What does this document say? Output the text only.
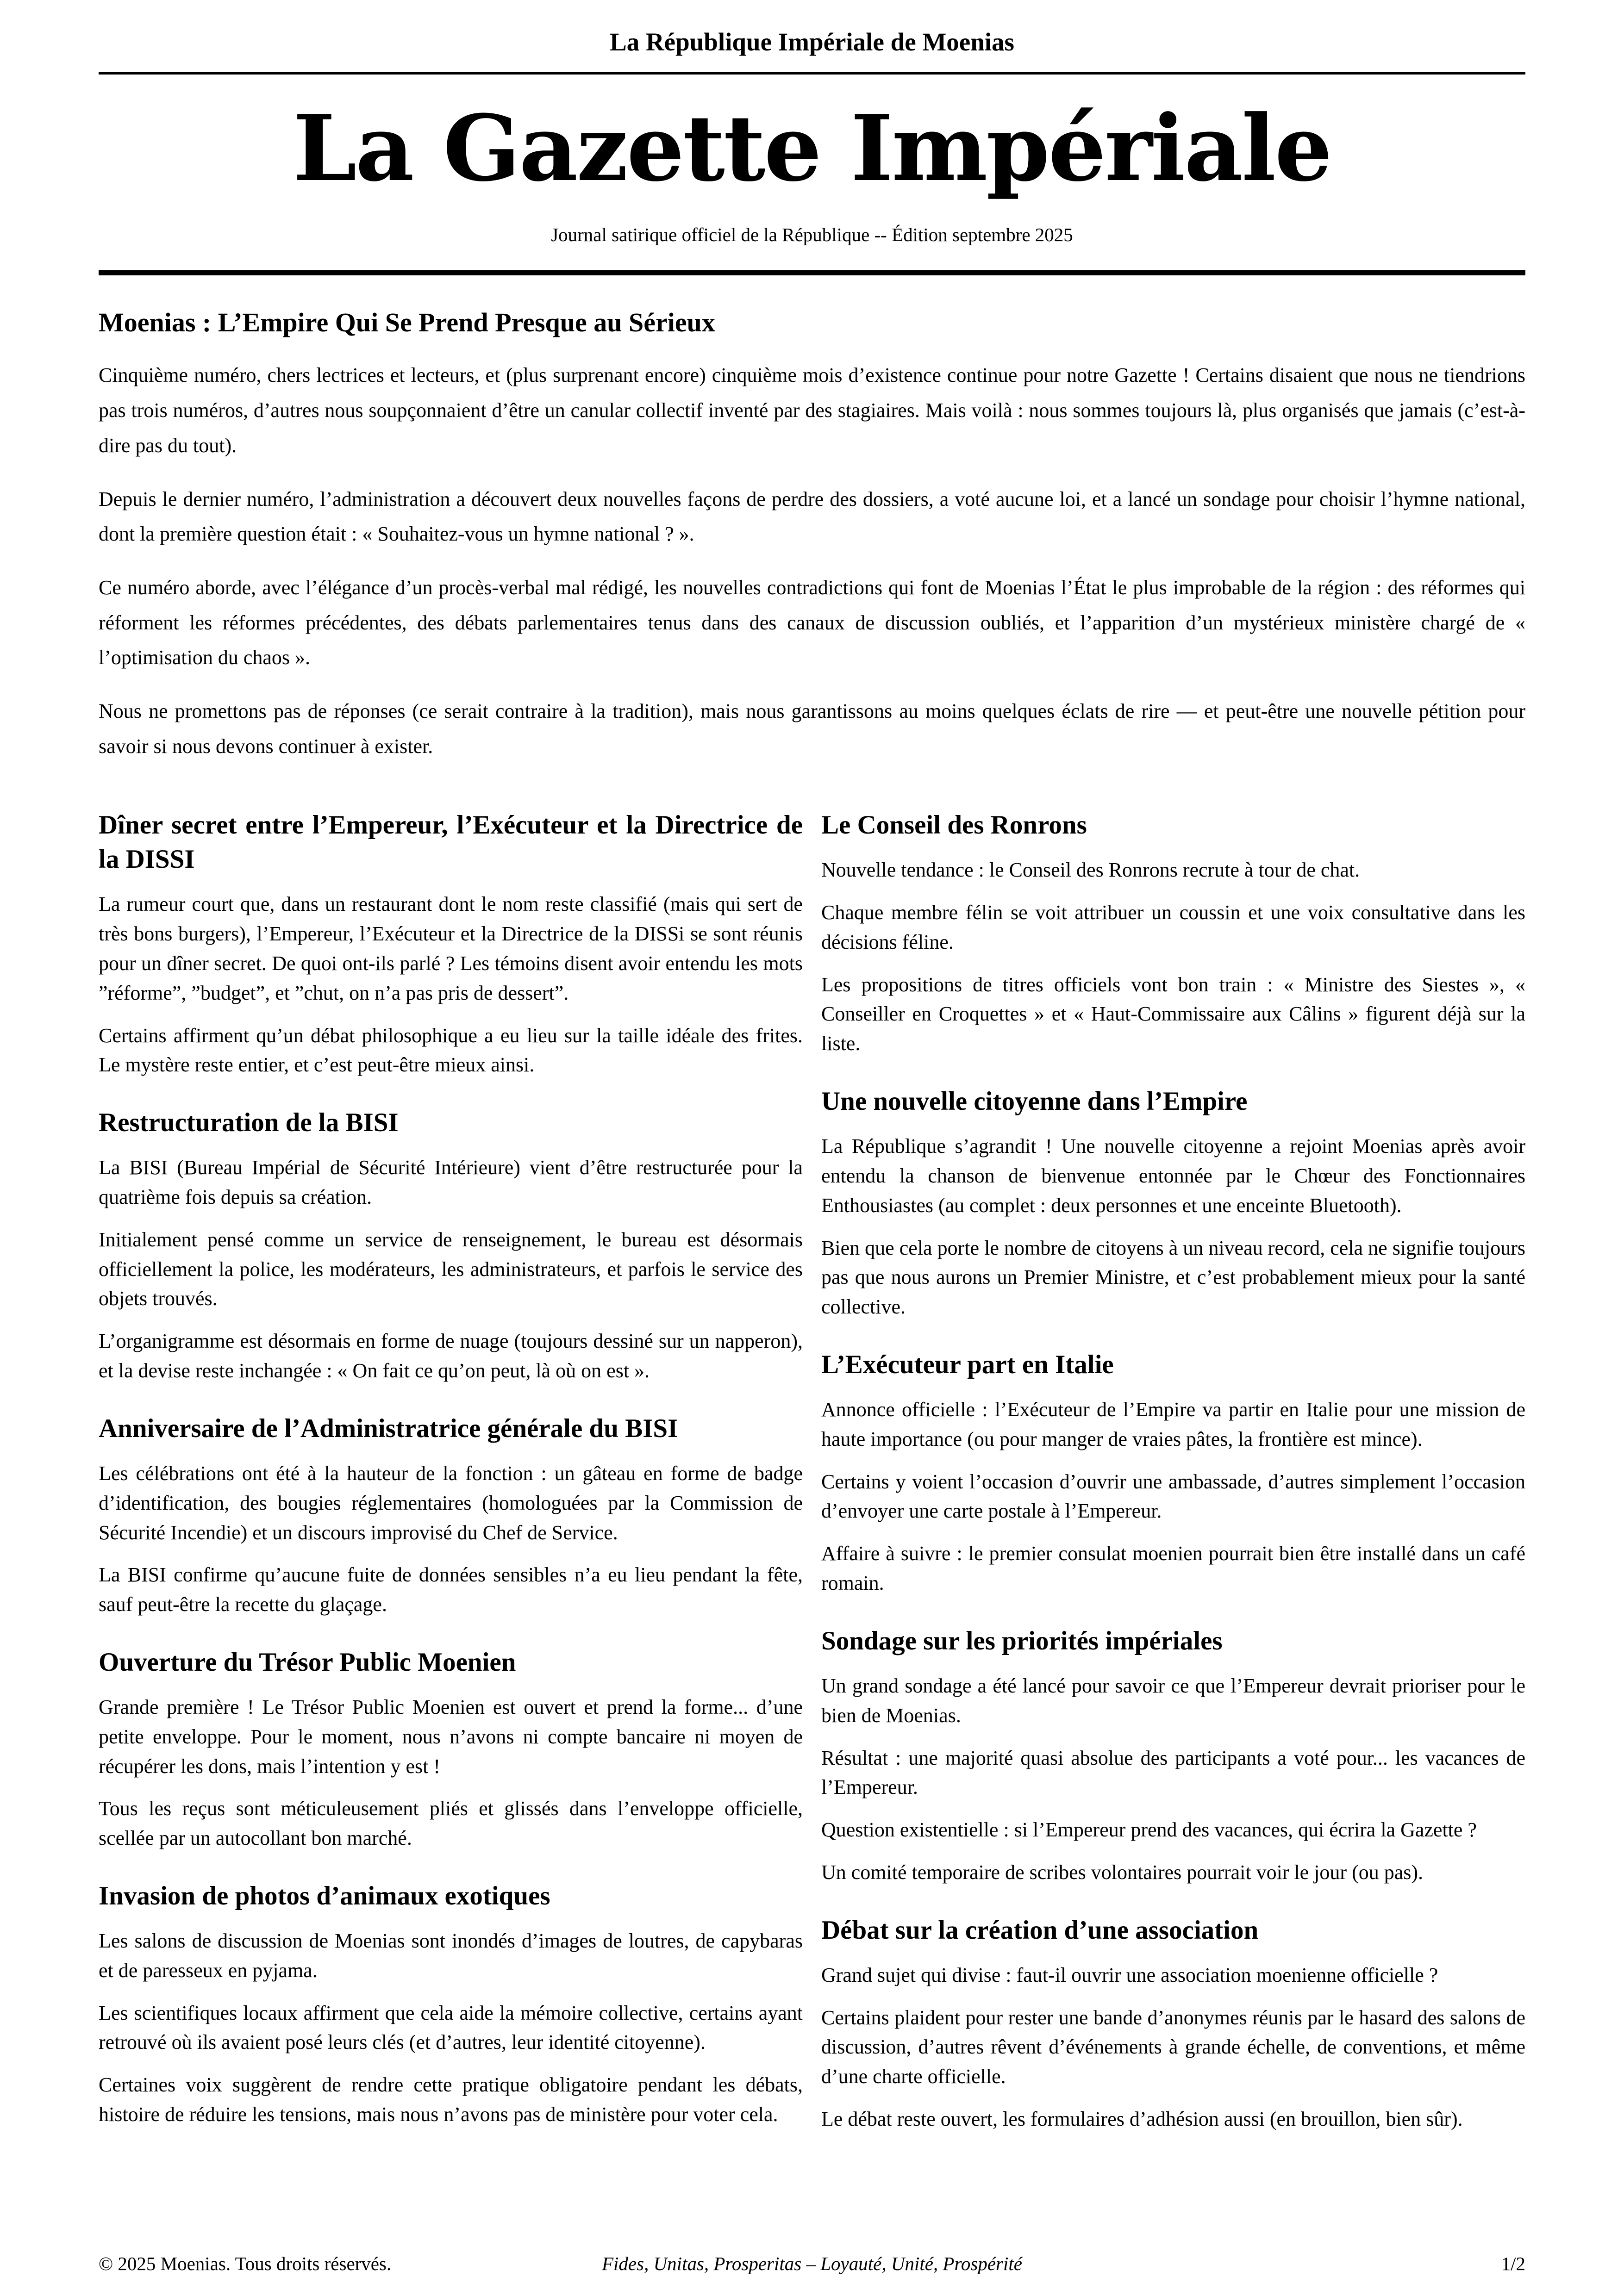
La République Impériale de Moenias
La Gazette Impériale
Journal satirique officiel de la République -- Édition septembre 2025
Moenias : L’Empire Qui Se Prend Presque au Sérieux

Cinquième numéro, chers lectrices et lecteurs, et (plus surprenant encore) cinquième mois d’existence continue pour notre Gazette ! Certains disaient que nous ne tiendrions pas trois numéros, d’autres nous soupçonnaient d’être un canular collectif inventé par des stagiaires. Mais voilà : nous sommes toujours là, plus organisés que jamais (c’est-à-dire pas du tout).

Depuis le dernier numéro, l’administration a découvert deux nouvelles façons de perdre des dossiers, a voté aucune loi, et a lancé un sondage pour choisir l’hymne national, dont la première question était : « Souhaitez-vous un hymne national ? ».

Ce numéro aborde, avec l’élégance d’un procès-verbal mal rédigé, les nouvelles contradictions qui font de Moenias l’État le plus improbable de la région : des réformes qui réforment les réformes précédentes, des débats parlementaires tenus dans des canaux de discussion oubliés, et l’apparition d’un mystérieux ministère chargé de « l’optimisation du chaos ».

Nous ne promettons pas de réponses (ce serait contraire à la tradition), mais nous garantissons au moins quelques éclats de rire — et peut-être une nouvelle pétition pour savoir si nous devons continuer à exister.

Dîner secret entre l’Empereur, l’Exécuteur et la Directrice de la DISSI

La rumeur court que, dans un restaurant dont le nom reste classifié (mais qui sert de très bons burgers), l’Empereur, l’Exécuteur et la Directrice de la DISSi se sont réunis pour un dîner secret. De quoi ont-ils parlé ? Les témoins disent avoir entendu les mots ”réforme”, ”budget”, et ”chut, on n’a pas pris de dessert”.

Certains affirment qu’un débat philosophique a eu lieu sur la taille idéale des frites. Le mystère reste entier, et c’est peut-être mieux ainsi.

Restructuration de la BISI

La BISI (Bureau Impérial de Sécurité Intérieure) vient d’être restructurée pour la quatrième fois depuis sa création.

Initialement pensé comme un service de renseignement, le bureau est désormais officiellement la police, les modérateurs, les administrateurs, et parfois le service des objets trouvés.

L’organigramme est désormais en forme de nuage (toujours dessiné sur un napperon), et la devise reste inchangée : « On fait ce qu’on peut, là où on est ».

Anniversaire de l’Administratrice générale du BISI

Les célébrations ont été à la hauteur de la fonction : un gâteau en forme de badge d’identification, des bougies réglementaires (homologuées par la Commission de Sécurité Incendie) et un discours improvisé du Chef de Service.

La BISI confirme qu’aucune fuite de données sensibles n’a eu lieu pendant la fête, sauf peut-être la recette du glaçage.

Ouverture du Trésor Public Moenien

Grande première ! Le Trésor Public Moenien est ouvert et prend la forme... d’une petite enveloppe. Pour le moment, nous n’avons ni compte bancaire ni moyen de récupérer les dons, mais l’intention y est !

Tous les reçus sont méticuleusement pliés et glissés dans l’enveloppe officielle, scellée par un autocollant bon marché.

Invasion de photos d’animaux exotiques

Les salons de discussion de Moenias sont inondés d’images de loutres, de capybaras et de paresseux en pyjama.

Les scientifiques locaux affirment que cela aide la mémoire collective, certains ayant retrouvé où ils avaient posé leurs clés (et d’autres, leur identité citoyenne).

Certaines voix suggèrent de rendre cette pratique obligatoire pendant les débats, histoire de réduire les tensions, mais nous n’avons pas de ministère pour voter cela.

Le Conseil des Ronrons

Nouvelle tendance : le Conseil des Ronrons recrute à tour de chat.

Chaque membre félin se voit attribuer un coussin et une voix consultative dans les décisions féline.

Les propositions de titres officiels vont bon train : « Ministre des Siestes », « Conseiller en Croquettes » et « Haut-Commissaire aux Câlins » figurent déjà sur la liste.

Une nouvelle citoyenne dans l’Empire

La République s’agrandit ! Une nouvelle citoyenne a rejoint Moenias après avoir entendu la chanson de bienvenue entonnée par le Chœur des Fonctionnaires Enthousiastes (au complet : deux personnes et une enceinte Bluetooth).

Bien que cela porte le nombre de citoyens à un niveau record, cela ne signifie toujours pas que nous aurons un Premier Ministre, et c’est probablement mieux pour la santé collective.

L’Exécuteur part en Italie

Annonce officielle : l’Exécuteur de l’Empire va partir en Italie pour une mission de haute importance (ou pour manger de vraies pâtes, la frontière est mince).

Certains y voient l’occasion d’ouvrir une ambassade, d’autres simplement l’occasion d’envoyer une carte postale à l’Empereur.

Affaire à suivre : le premier consulat moenien pourrait bien être installé dans un café romain.

Sondage sur les priorités impériales

Un grand sondage a été lancé pour savoir ce que l’Empereur devrait prioriser pour le bien de Moenias.

Résultat : une majorité quasi absolue des participants a voté pour... les vacances de l’Empereur.

Question existentielle : si l’Empereur prend des vacances, qui écrira la Gazette ?

Un comité temporaire de scribes volontaires pourrait voir le jour (ou pas).

Débat sur la création d’une association

Grand sujet qui divise : faut-il ouvrir une association moenienne officielle ?

Certains plaident pour rester une bande d’anonymes réunis par le hasard des salons de discussion, d’autres rêvent d’événements à grande échelle, de conventions, et même d’une charte officielle.

Le débat reste ouvert, les formulaires d’adhésion aussi (en brouillon, bien sûr).

© 2025 Moenias. Tous droits réservés.	Fides, Unitas, Prosperitas – Loyauté, Unité, Prospérité	1/2
